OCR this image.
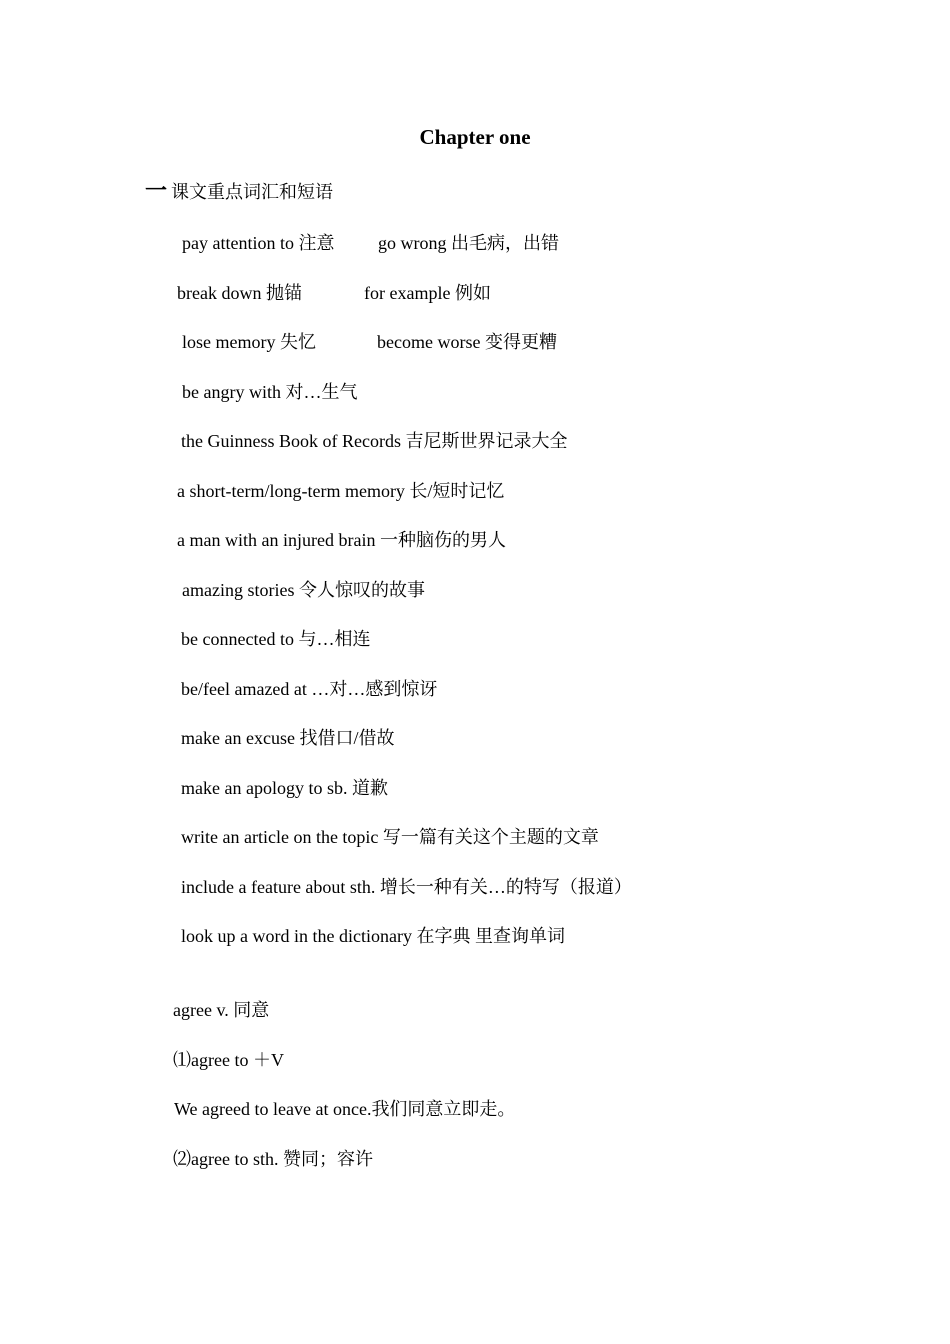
Chapter one
一 课文重点词汇和短语
pay attention to 注意 go wrong 出毛病，出错
break down 抛锚	for example 例如
lose memory 失忆	become worse 变得更糟
be angry with 对…生气
the Guinness Book of Records 吉尼斯世界记录大全
a short-term/long-term memory 长/短时记忆
a man with an injured brain 一种脑伤的男人
amazing stories 令人惊叹的故事
be connected to 与…相连
be/feel amazed at …对…感到惊讶
make an excuse 找借口/借故
make an apology to sb. 道歉
write an article on the topic 写一篇有关这个主题的文章
include a feature about sth. 增长一种有关…的特写（报道）
look up a word in the dictionary 在字典 里查询单词
agree v. 同意
⑴agree to ＋V
We agreed to leave at once.我们同意立即走。
⑵agree to sth. 赞同；容许
